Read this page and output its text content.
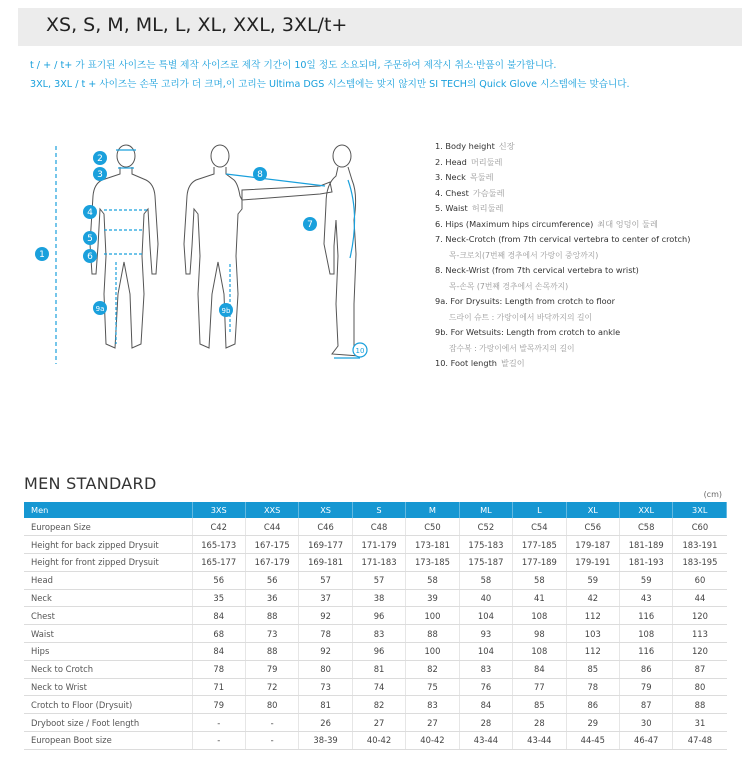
XS, S, M, ML, L, XL, XXL, 3XL/t+
t / + / t+ 가 표기된 사이즈는 특별 제작 사이즈로 제작 기간이 10일 정도 소요되며, 주문하여 제작시 취소·반품이 불가합니다.
3XL, 3XL / t + 사이즈는 손목 고리가 더 크며,이 고리는 Ultima DGS 시스템에는 맞지 않지만 SI TECH의 Quick Glove 시스템에는 맞습니다.
1
2
3
4
5
6
7
8
9a	9b
10
1. Body height 신장
2. Head 머리둘레
3. Neck 목둘레
4. Chest 가슴둘레
5. Waist 허리둘레
6. Hips (Maximum hips circumference) 최대 엉덩이 둘레
7. Neck-Crotch (from 7th cervical vertebra to center of crotch)
목-크로치(7번째 경추에서 가랑이 중앙까지)
8. Neck-Wrist (from 7th cervical vertebra to wrist)
목-손목 (7번째 경추에서 손목까지)
9a. For Drysuits: Length from crotch to floor
드라이 슈트 : 가랑이에서 바닥까지의 길이
9b. For Wetsuits: Length from crotch to ankle
잠수복 : 가랑이에서 발목까지의 길이
10. Foot length 발길이
MEN STANDARD
(cm)
Men	3XS	XXS	XS	S	M	ML	L	XL	XXL	3XL
European Size	C42	C44	C46	C48	C50	C52	C54	C56	C58	C60
Height for back zipped Drysuit	165-173	167-175	169-177	171-179	173-181	175-183	177-185	179-187	181-189	183-191
Height for front zipped Drysuit	165-177	167-179	169-181	171-183	173-185	175-187	177-189	179-191	181-193	183-195
Head	56	56	57	57	58	58	58	59	59	60
Neck	35	36	37	38	39	40	41	42	43	44
Chest	84	88	92	96	100	104	108	112	116	120
Waist	68	73	78	83	88	93	98	103	108	113
Hips	84	88	92	96	100	104	108	112	116	120
Neck to Crotch	78	79	80	81	82	83	84	85	86	87
Neck to Wrist	71	72	73	74	75	76	77	78	79	80
Crotch to Floor (Drysuit)	79	80	81	82	83	84	85	86	87	88
Dryboot size / Foot length	-	-	26	27	27	28	28	29	30	31
European Boot size	-	-	38-39	40-42	40-42	43-44	43-44	44-45	46-47	47-48
